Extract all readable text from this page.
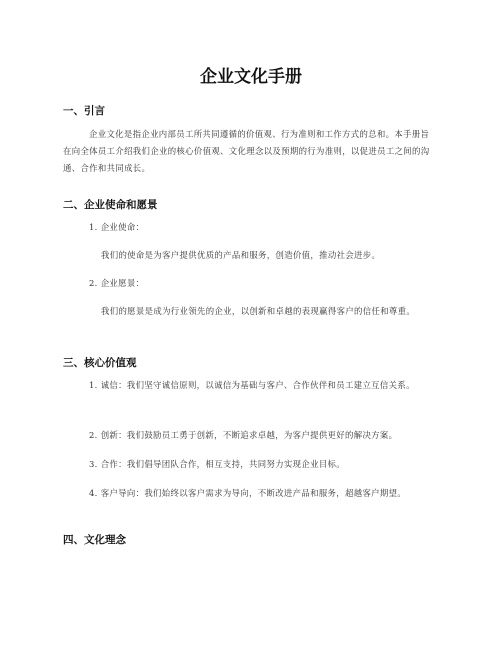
企业文化手册
一、引言

企业文化是指企业内部员工所共同遵循的价值观、行为准则和工作方式的总和。本手册旨在向全体员工介绍我们企业的核心价值观、文化理念以及预期的行为准则，以促进员工之间的沟通、合作和共同成长。

二、企业使命和愿景

1. 企业使命：

我们的使命是为客户提供优质的产品和服务，创造价值，推动社会进步。

2. 企业愿景：

我们的愿景是成为行业领先的企业，以创新和卓越的表现赢得客户的信任和尊重。

三、核心价值观

1. 诚信：我们坚守诚信原则，以诚信为基础与客户、合作伙伴和员工建立互信关系。

2. 创新：我们鼓励员工勇于创新，不断追求卓越，为客户提供更好的解决方案。

3. 合作：我们倡导团队合作，相互支持，共同努力实现企业目标。

4. 客户导向：我们始终以客户需求为导向，不断改进产品和服务，超越客户期望。

四、文化理念
